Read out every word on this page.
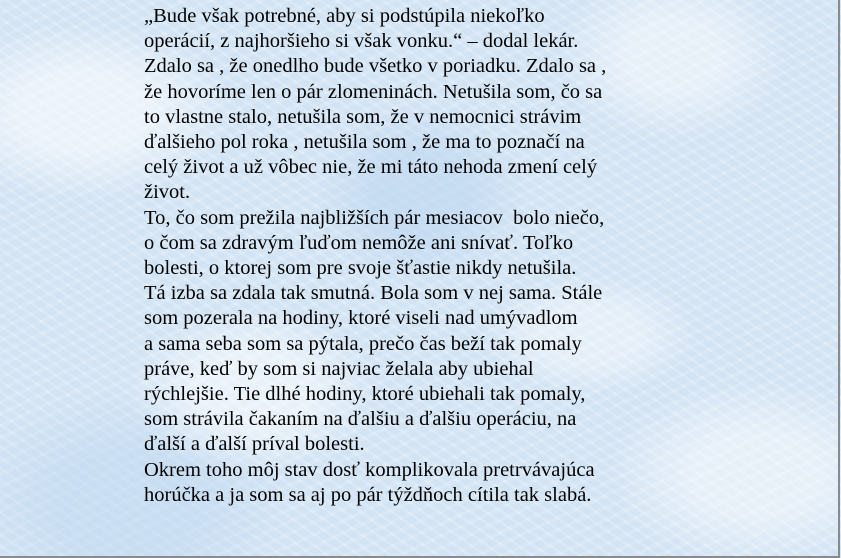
„Bude však potrebné, aby si podstúpila niekoľko
operácií, z najhoršieho si však vonku.“ – dodal lekár.
Zdalo sa , že onedlho bude všetko v poriadku. Zdalo sa ,
že hovoríme len o pár zlomeninách. Netušila som, čo sa
to vlastne stalo, netušila som, že v nemocnici strávim
ďalšieho pol roka , netušila som , že ma to poznačí na
celý život a už vôbec nie, že mi táto nehoda zmení celý
život.
To, čo som prežila najbližších pár mesiacov  bolo niečo,
o čom sa zdravým ľuďom nemôže ani snívať. Toľko
bolesti, o ktorej som pre svoje šťastie nikdy netušila.
Tá izba sa zdala tak smutná. Bola som v nej sama. Stále
som pozerala na hodiny, ktoré viseli nad umývadlom
a sama seba som sa pýtala, prečo čas beží tak pomaly
práve, keď by som si najviac želala aby ubiehal
rýchlejšie. Tie dlhé hodiny, ktoré ubiehali tak pomaly,
som strávila čakaním na ďalšiu a ďalšiu operáciu, na
ďalší a ďalší príval bolesti.
Okrem toho môj stav dosť komplikovala pretrvávajúca
horúčka a ja som sa aj po pár týždňoch cítila tak slabá.
